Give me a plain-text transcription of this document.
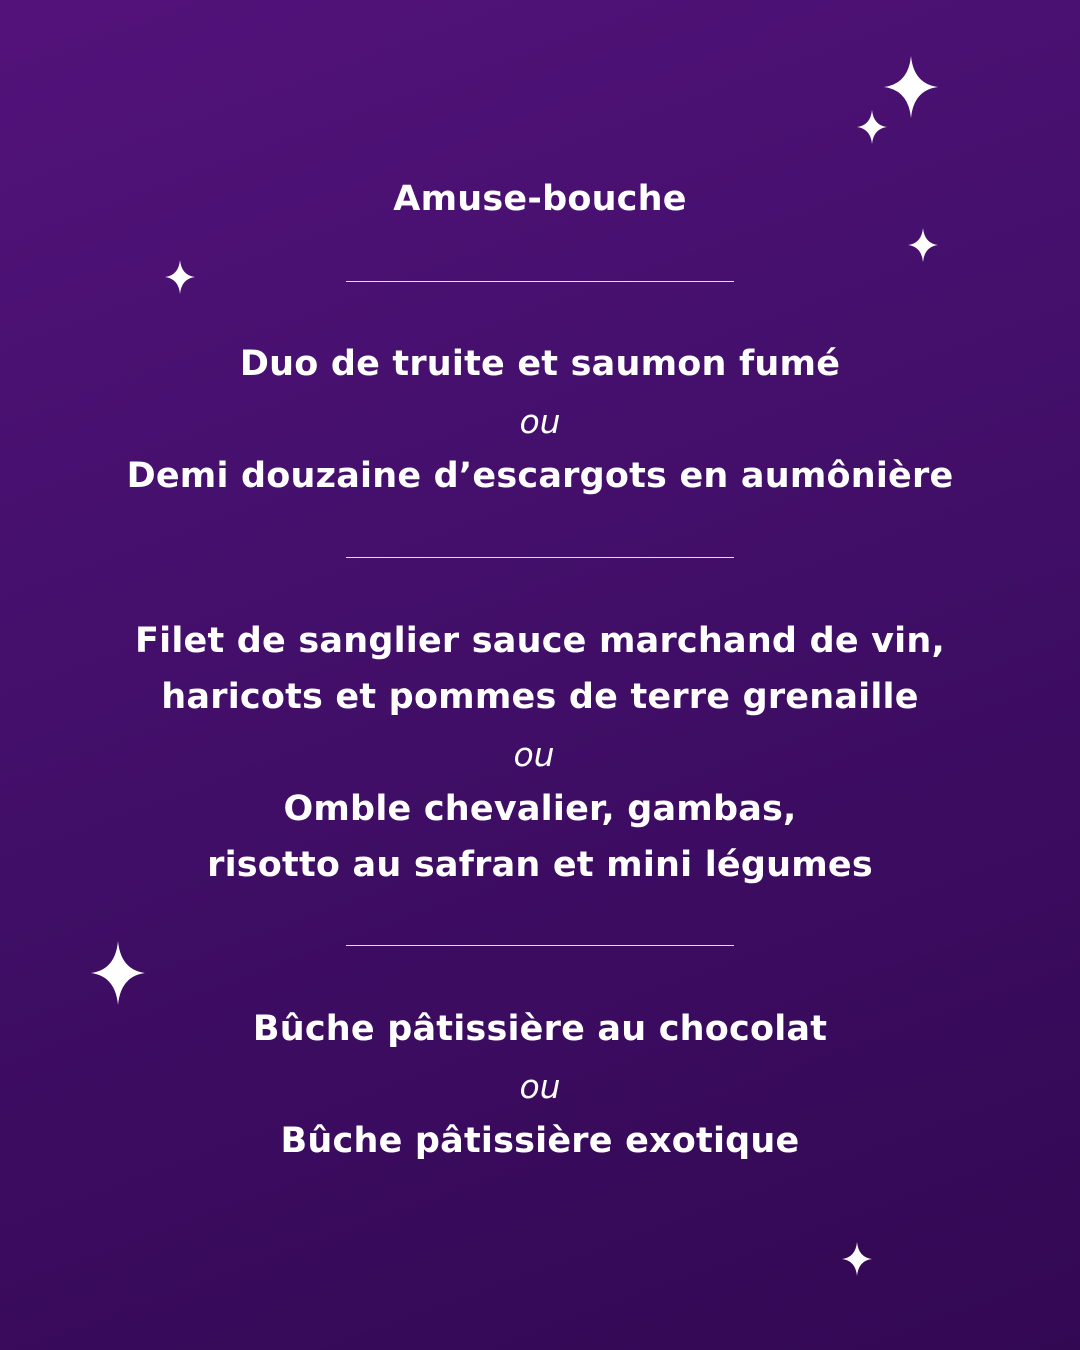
Amuse-bouche
Duo de truite et saumon fumé
ou
Demi douzaine d’escargots en aumônière
Filet de sanglier sauce marchand de vin,
haricots et pommes de terre grenaille
ou
Omble chevalier, gambas,
risotto au safran et mini légumes
Bûche pâtissière au chocolat
ou
Bûche pâtissière exotique
